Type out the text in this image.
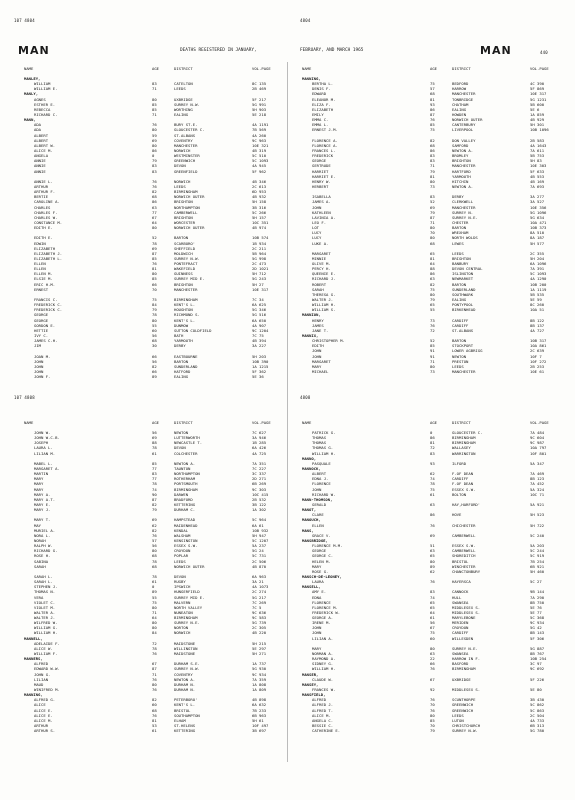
107 4804	4804
107 4808	4808
MAN	MAN	440
DEATHS REGISTERED IN JANUARY,	FEBRUARY, AND MARCH 1965
NAME	AGE	DISTRICT	VOL.PAGE
MANLEY,
WILLIAM	83	CATELTON	8C 135
WILLIAM E.	71	LEEDS	2B 469
MANLY,
AGNES	80	UXBRIDGE	5F 217
ESTHER E.	85	SURREY N.W.	5G 991
REBECCA	85	WORTHING	5H 903
RICHARD C.	71	EALING	5E 218
MANN,
ADA	76	BURY ST.E.	4A 1191
ADA	80	GLOUCESTER C.	7B 569
ALBERT	59	ST.ALBANS	4A 260
ALBERT	69	COVENTRY	9C 963
ALBERT W.	80	MANCHESTER	10E 321
ALICE M.	86	NORWICH	4B 319
ANGELA	0	WESTMINSTER	5C 510
ANNIE	79	GREENWICH	5C 1093
ANNIE	83	DEVON	4A 945
ANNIE	83	GREENFIELD	5F 962
ANNIE L.	76	NORWICH	4B 346
ARTHUR	76	LEEDS	2C 613
ARTHUR F.	82	BIRMINGHAM	6D 953
BERTIE	68	NORWICH OUTER	4B 932
CAROLINE A.	86	BRIGHTON	5H 158
CHARLES	63	NORTHAMPTON	3B 316
CHARLES F.	77	CAMBERWELL	5C 266
CHARLES W.	67	BRIGHTON	5H 157
CONSTANCE M.	64	WORCESTER	10C 351
EDITH E.	80	NORWICH OUTER	4B 974
EDITH E.	52	BARTON	10B 574
EDWIN	78	SCARBORO'	1B 934
ELIZABETH	69	SHEFFIELD	2C 211
ELIZABETH J.	87	MOLDWICH	5B 964
ELIZABETH L.	85	SURREY N.W.	5G 998
ELLEN	76	PONTEFRACT	2C 473
ELLEN	81	WAKEFIELD	2D 1021
ELLEN M.	80	GUINNESS	5H 712
ELSIE M.	85	SURREY MID E.	5G 243
ERIC H.M.	66	BRIGHTON	5H 27
ERNEST	70	MANCHESTER	10E 317
FRANCIS C.	75	BIRMINGHAM	7C 34
FREDERICK C.	84	KENT'S L.	6A 625
FREDERICK C.	79	HOUGHTON	5G 346
GEORGE	78	RICHMOND S.	5G 516
GEORGE	80	KENT'S L.	6A 650
GORDON E.	55	DUNMOW	4A 907
HETTIE	60	SUTTON COLDFIELD	9C 1204
IVY C.	56	BATH	7C 75
JAMES C.H.	68	YARMOUTH	4B 394
JIM	30	DERBY	3A 227
JOAN M.	66	EASTBOURNE	5H 203
JOHN	56	BARTON	10B 390
JOHN	82	SUNDERLAND	1A 1215
JOHN	66	HATFORD	5F 362
JOHN F.	89	EALING	5E 36
NAME	AGE	DISTRICT	VOL.PAGE
MANNING,
BERTHA L.	75	BEDFORD	4C 390
DENIS F.	57	HARROW	5F 869
EDWARD	68	MANCHESTER	10E 317
ELEANOR M.	81	TONBRIDGE	5G 1231
ELIZA F.	93	CHATHAM	5B 600
ELIZABETH	86	EALING	5E 6
EMILY	87	HOWDEN	1A 859
EMMA C.	76	NORWICH OUTER	4B 929
EMMA L.	85	CANTERBURY	5H 301
ERNEST J.M.	75	LIVERPOOL	10B 1096
FLORENCE A.	82	DON VALLEY	2B 583
FLORENCE A.	68	SAMFORD	4A 1643
FRANCES L.	86	NEWTON A.	7A 611
FREDERICK	83	BROMLEY	5B 753
GEORGE	83	BRIGHTON	5H 83
GERTRUDE	71	MANCHESTER	10E 303
HARRIET	79	HARTFORD	5F 633
HARRIET E.	81	YARMOUTH	4B 553
HENRY W.	80	HITCHIN	4B 169
HERBERT	73	NEWTON A.	7A 693
ISABELLA	83	DERBY	3A 277
JAMES A.	52	CLERKWELL	3A 527
JOHN	69	MANCHESTER	10E 356
KATHLEEN	79	SURREY N.	5G 1096
LAVINIA A.	87	SURREY N.E.	5G 634
LEO F.	71	CHESTER	10A 471
LOT	80	BARTON	10B 373
LUCY	70	WREXHAM	8A 510
LUCY	80	NORTH WOLDS	8A 187
LUKE A.	68	LEWES	5H 577
MARGARET	65	LEEDS	2C 355
MINNIE	81	BRIGHTON	5H 204
OLIVE M.	64	BANBURY	6A 1096
PERCY H.	88	DEVON CENTRAL	7A 391
QUEENIE E.	86	ISLINGTON	5C 1093
RICHARD J.	63	NEWMARKET	4A 1290
ROBERT	82	BARTON	10B 200
SARAH	75	SUNDERLAND	1A 1119
THERESA G.	80	SOUTHWARK	5B 535
WALTER J.	79	EALING	5E 59
WILLIAM H.	65	PONTYPOOL	8C 260
WILLIAM S.	55	BIRKENHEAD	10A 51
MANNION,
HENRY	73	CARDIFF	8B 122
JAMES	76	CARDIFF	8B 137
JANE T.	72	ST.ALBANS	4A 727
MANNIX,
CHRISTOPHER M.	52	BARTON	10B 317
EDITH	85	STOCKPORT	10A 861
JOHN	91	LOWER AGBRIGG	2C 639
JOHN	91	NEWTON	10F 7
MARGARET	71	PRESTON	10F 272
MARY	80	LEEDS	2B 253
MICHAEL	73	MANCHESTER	10E 61
NAME	AGE	DISTRICT	VOL.PAGE
JOHN W.	56	NEWTON	7C 627
JOHN W.C.B.	69	LUTTERWORTH	3A 946
JOSEPH	88	NEWCASTLE T.	1B 285
LAURA L.	78	DEVON	6A 426
LILIAN M.	61	COLCHESTER	4A 725
MABEL L.	85	NEWTON A.	7A 351
MARGARET A.	77	TAUNTON	7C 227
MARTIN	83	NORTHAMPTON	3C 337
MARY	77	ROTHERHAM	2D 271
MARY	78	PORTSMOUTH	6B 269
MARY	74	BIRMINGHAM	9C 303
MARY A.	90	DARWEN	10C 415
MARY A.T.	87	BRADFORD	2B 532
MARY E.	82	KETTERING	3B 122
MARY J.	79	DURHAM C.	1A 302
MARY T.	69	HAMPSTEAD	5C 964
MAY	62	MAIDENHEAD	6A 61
MURIEL A.	82	KENDAL	10B 932
NORA L.	76	WALSHAM	5H 947
NORAH	57	KENSINGTON	5C 1207
RALPH W.	56	ESSEX S.W.	5A 237
RICHARD G.	80	CROYDON	5G 24
ROSE H.	68	POPLAR	5C 731
SABINA	78	LEEDS	2C 506
SARAH	68	NORWICH OUTER	4B 870
SARAH L.	78	DEVON	6A 963
SARAH L.	61	RUGBY	3A 21
STEPHEN J.	0	IPSWICH	4A 1073
THOMAS N.	89	HUNGERFIELD	2C 274
VERA	55	SURREY MID E.	5G 217
VIOLET C.	75	MALVERN	7C 269
VIOLET M.	80	NORTH VALLEY	7C 5
WALTER A.	71	NUNEATON	9C 636
WALTER J.	64	BIRMINGHAM	9C 583
WILFRED W.	80	SURREY N.E.	5G 739
WILLIAM G.	80	NORTON	2C 305
WILLIAM H.	84	NORWICH	4B 220
MANNELL,
ADELAIDE F.	72	MAIDSTONE	5H 215
ALICE W.	78	WILLINGTON	5E 297
WILLIAM F.	76	MAIDSTONE	5H 271
MANNERS,
ALFRED	67	DURHAM S.E.	1A 737
EDWARD W.W.	87	SURREY N.W.	5G 930
JOHN G.	71	COVENTRY	9C 934
LILIAN	76	NEWTON A.	7A 359
MAUD	80	DURHAM N.	1A 808
WINIFRED M.	76	DURHAM N.	1A 809
MANNING,
ALFRED G.	82	PETERBORO'	4B 898
ALICE	60	KENT'S L.	6A 632
ALICE E.	68	BRISTOL	7B 233
ALICE E.	76	SOUTHAMPTON	6B 963
ALICE M.	81	ELHAM	5H 61
ARTHUR	53	ST.HELENS	10F 497
ARTHUR S.	61	KETTERING	3B 697
NAME	AGE	DISTRICT	VOL.PAGE
PATRICK G.	0	GLOUCESTER C.	7A 484
THOMAS	86	BIRMINGHAM	9C 604
THOMAS	81	BIRMINGHAM	9C 987
THOMAS G.	72	WALLASEY	10A 797
WILLIAM H.	83	WARRINGTON	10F 801
MANNO,
PASQUALE	93	ILFORD	5A 347
MANNOCK,
ALBERT	62	F.OF DEAN	7A 469
EDNA J.	74	CARDIFF	8B 123
FLORENCE	78	F.OF DEAN	7A 452
JOHN	75	ESSEX S.W.	5A 324
RICHARD W.	61	BOLTON	10C 71
MANN-THOMSON,
GERALD	63	HAY,HARFORD'	5A 921
MANOT,
CLARE	86	HOVE	5H 523
MANOUCH,
ELLEN	76	CHICHESTER	5H 722
MANS,
GRACE V.	69	CAMBERWELL	5C 240
MANSBRIDGE,
FLORENCE M.M.	51	ESSEX S.W.	5A 203
GEORGE	63	CAMBERWELL	5C 244
GEORGE C.	65	SHOREDITCH	5C 919
HELEN M.	80	BRISTOL	7B 254
MARY	89	WINCHESTER	6B 921
ROSE G.	62	CHANCTONBURY	5H 460
MANSCH-DE-LEONEY,
LAURA	76	HAYERSCA	5C 27
MANSELL,
AMY E.	83	CANNOCK	9B 144
EDNA	74	HULL	7A 290
FLORENCE	65	SWANSEA	8B 750
FLORENCE M.	65	MIDDLESEX S.	5E 76
FREDERICK W.	64	MIDDLESEX S.	5E 77
GEORGE A.	61	MARYLEBONE	5C 368
IRENE M.	56	MERIDEN	9C 934
JOHN	67	CROYDON	5G 42
JOHN	75	CARDIFF	8B 143
LILIAN A.	60	WILLESDEN	5F 306
MARY	80	SURREY N.E.	5G 887
NORMAN A.	63	SWANSEA	8B 767
RAYMOND A.	22	HARROW IN F.	10B 254
SIDNEY G.	66	BASFORD	3C 97
WILLIAM H.	76	BIRMINGHAM	9C 692
MANSER,
CLAUDE W.	67	UXBRIDGE	5F 226
MANSEY,
FRANCES W.	92	MIDDLESEX S.	5E 80
MANSFIELD,
ALFRED	76	SCUNTHORPE	3B 430
ALFRED J.	70	GREENWICH	5C 862
ALFRED T.	76	GREENWICH	5C 863
ALICE M.	80	LEEDS	2C 504
ANGELA C.	85	LUTON	4A 733
BESSIE C.	70	CHRISTCHURCH	6B 313
CATHERINE E.	79	SURREY N.W.	5G 780
